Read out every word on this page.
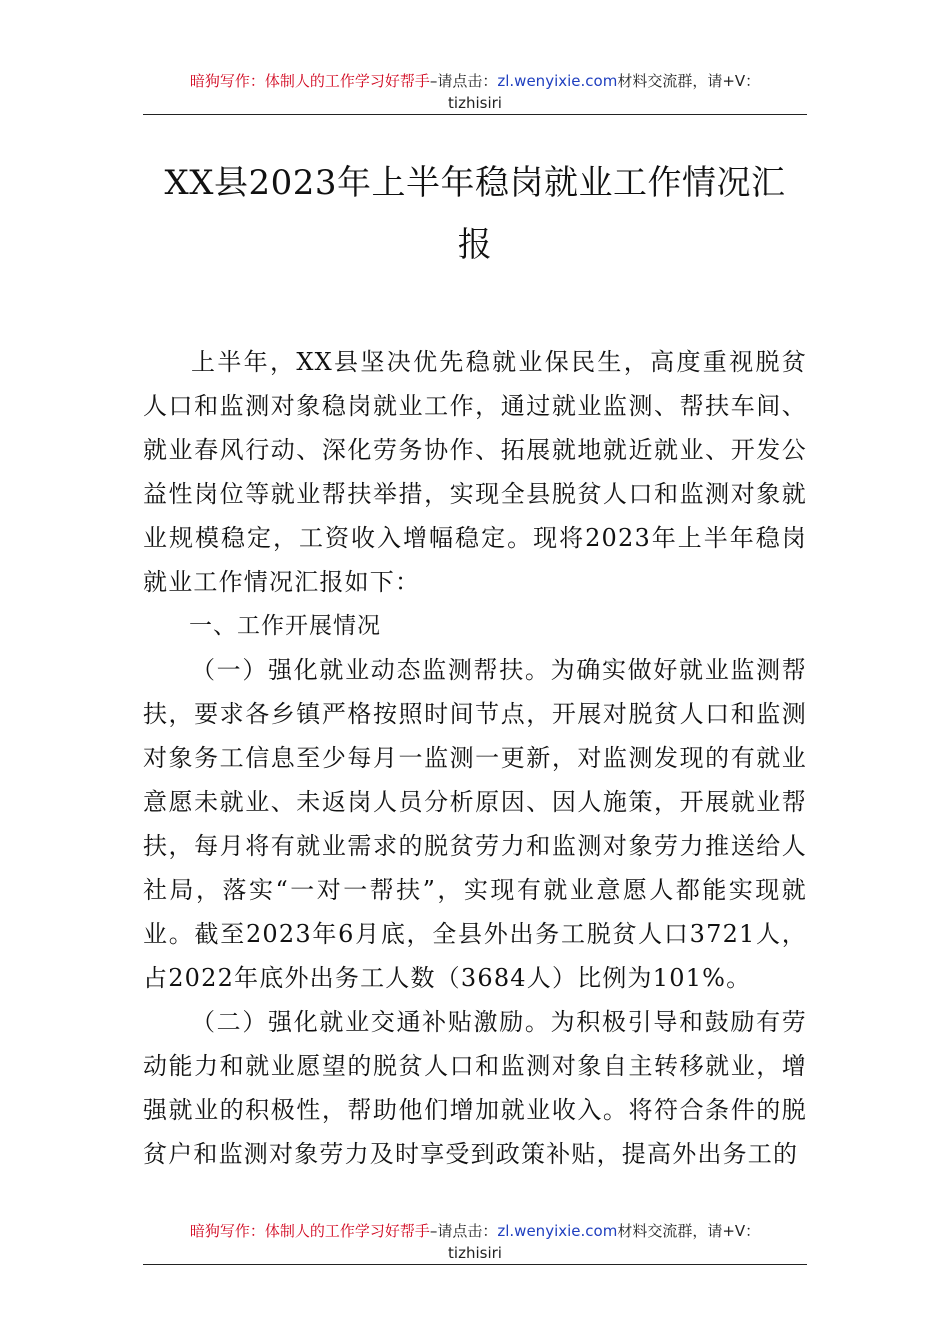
暗狗写作：体制人的工作学习好帮手–请点击：zl.wenyixie.com材料交流群，请+V：
tizhisiri
XX县2023年上半年稳岗就业工作情况汇
报

上半年，XX县坚决优先稳就业保民生，高度重视脱贫人口和监测对象稳岗就业工作，通过就业监测、帮扶车间、就业春风行动、深化劳务协作、拓展就地就近就业、开发公益性岗位等就业帮扶举措，实现全县脱贫人口和监测对象就业规模稳定，工资收入增幅稳定。现将2023年上半年稳岗就业工作情况汇报如下：

一、工作开展情况

（一）强化就业动态监测帮扶。为确实做好就业监测帮扶，要求各乡镇严格按照时间节点，开展对脱贫人口和监测对象务工信息至少每月一监测一更新，对监测发现的有就业意愿未就业、未返岗人员分析原因、因人施策，开展就业帮扶，每月将有就业需求的脱贫劳力和监测对象劳力推送给人社局，落实“一对一帮扶”，实现有就业意愿人都能实现就业。截至2023年6月底，全县外出务工脱贫人口3721人，占2022年底外出务工人数（3684人）比例为101%。

（二）强化就业交通补贴激励。为积极引导和鼓励有劳动能力和就业愿望的脱贫人口和监测对象自主转移就业，增强就业的积极性，帮助他们增加就业收入。将符合条件的脱贫户和监测对象劳力及时享受到政策补贴，提高外出务工的

暗狗写作：体制人的工作学习好帮手–请点击：zl.wenyixie.com材料交流群，请+V：
tizhisiri
